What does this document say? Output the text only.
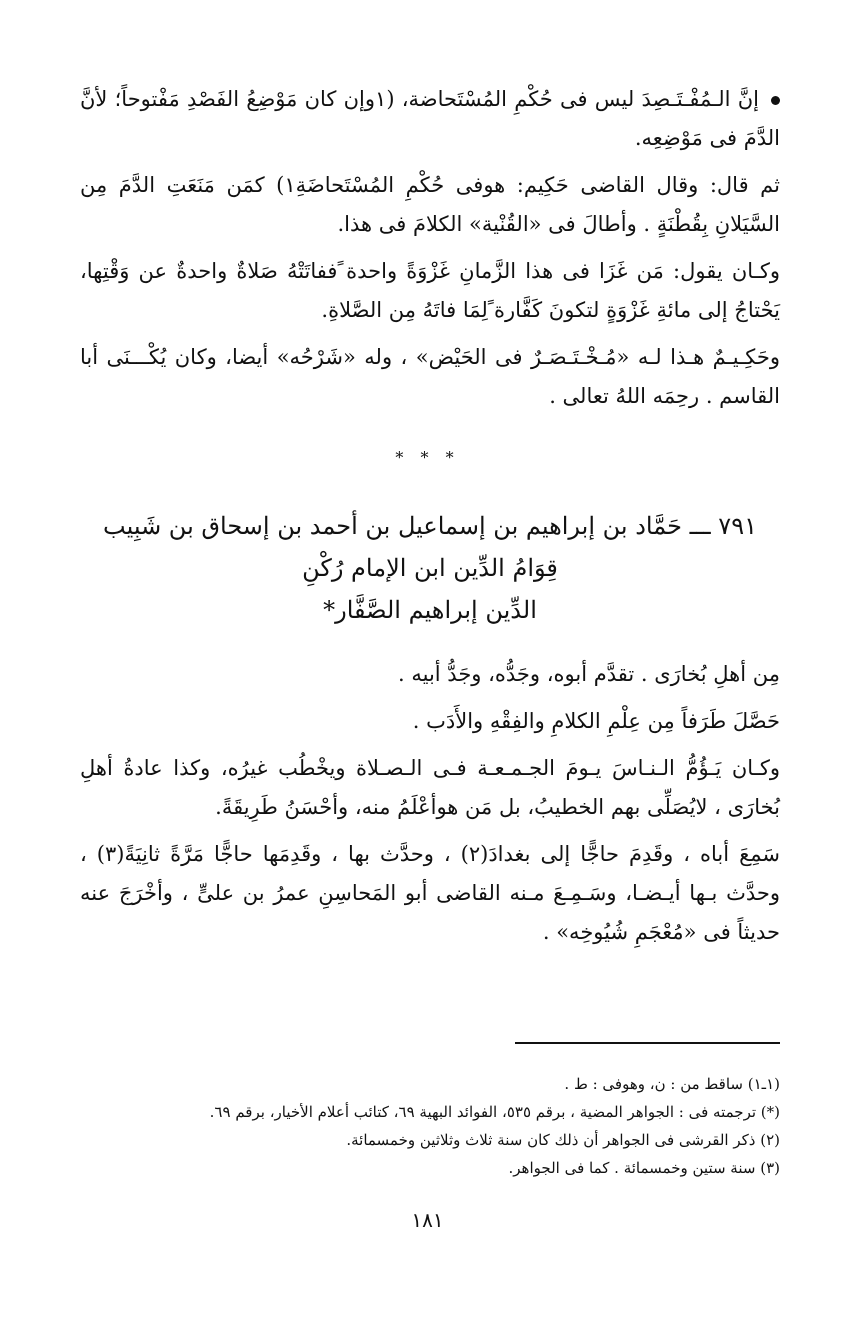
إنَّ الـمُفْـتَـصِدَ ليس فى حُكْمِ المُسْتَحاضة، (١وإن كان مَوْضِعُ الفَصْدِ مَفْتوحاً؛ لأنَّ الدَّمَ فى مَوْضِعِه.

ثم قال: وقال القاضى حَكِيم: هوفى حُكْمِ المُسْتَحاضَةِ١) كمَن مَنَعَتِ الدَّمَ مِن السَّيَلانِ بِقُطْنَةٍ . وأطالَ فى «القُنْية» الكلامَ فى هذا.

وكـان يقول: مَن غَزَا فى هذا الزَّمانِ غَزْوَةً واحدة ًففاتَتْهُ صَلاةٌ واحدةٌ عن وَقْتِها، يَحْتاجُ إلى مائةِ غَزْوَةٍ لتكونَ كَفَّارة ًلِمَا فاتَهُ مِن الصَّلاةِ.

وحَكِـيـمٌ هـذا لـه «مُـخْـتَـصَـرٌ فى الحَيْض» ، وله «شَرْحُه» أيضا، وكان يُكْـــنَى أبا القاسم . رحِمَه اللهُ تعالى .

* * *
٧٩١ ـــ حَمَّاد بن إبراهيم بن إسماعيل بن أحمد بن إسحاق بن شَبِيب
قِوَامُ الدِّين ابن الإمام رُكْنِ
الدِّين إبراهيم الصَّفَّار*

مِن أهلِ بُخارَى . تقدَّم أبوه، وجَدُّه، وجَدُّ أبيه .

حَصَّلَ طَرَفاً مِن عِلْمِ الكلامِ والفِقْهِ والأَدَب .

وكـان يَـؤُمُّ الـنـاسَ يـومَ الجـمـعـة فـى الـصـلاة ويخْطُب غيرُه، وكذا عادةُ أهلِ بُخارَى ، لايُصَلِّى بهم الخطيبُ، بل مَن هوأعْلَمُ منه، وأحْسَنُ طَرِيقَةً.

سَمِعَ أباه ، وقَدِمَ حاجًّا إلى بغدادَ(٢) ، وحدَّث بها ، وقَدِمَها حاجًّا مَرَّةً ثانِيَةً(٣) ، وحدَّث بـها أيـضـا، وسَـمِـعَ مـنه القاضى أبو المَحاسِنِ عمرُ بن علىٍّ ، وأخْرَجَ عنه حديثاً فى «مُعْجَمِ شُيُوخِه» .

(١ـ١) ساقط من : ن، وهوفى : ط .
(*) ترجمته فى : الجواهر المضية ، برقم ٥٣٥، الفوائد البهية ٦٩، كتائب أعلام الأخيار، برقم ٦٩.
(٢) ذكر القرشى فى الجواهر أن ذلك كان سنة ثلاث وثلاثين وخمسمائة.
(٣) سنة ستين وخمسمائة . كما فى الجواهر.
١٨١
